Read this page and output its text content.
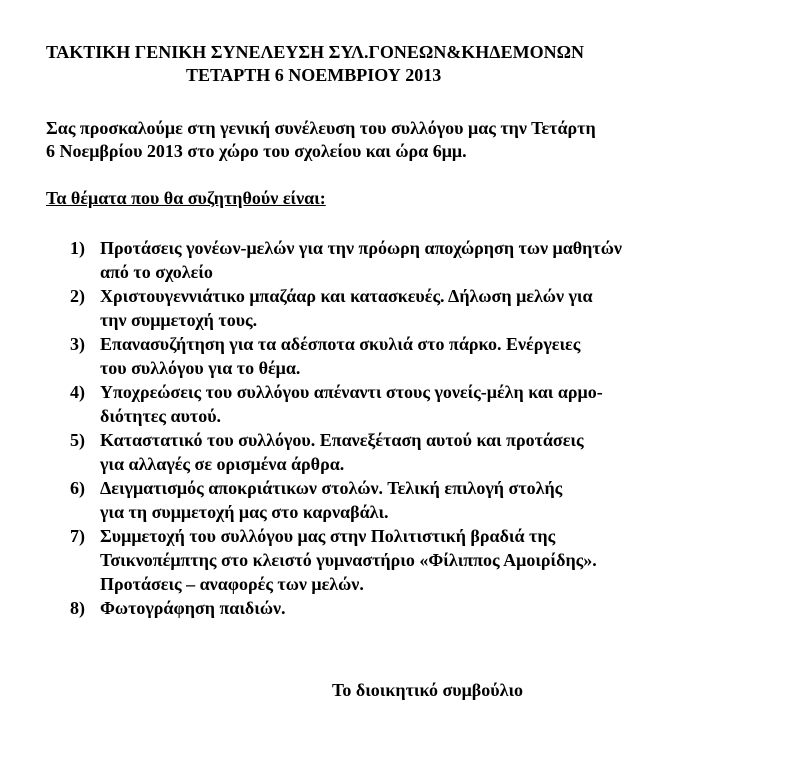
ΤΑΚΤΙΚΗ ΓΕΝΙΚΗ ΣΥΝΕΛΕΥΣΗ ΣΥΛ.ΓΟΝΕΩΝ&ΚΗΔΕΜΟΝΩΝ
ΤΕΤΑΡΤΗ 6 ΝΟΕΜΒΡΙΟΥ 2013
Σας προσκαλούμε στη γενική συνέλευση του συλλόγου μας την Τετάρτη
6 Νοεμβρίου 2013 στο χώρο του σχολείου και ώρα 6μμ.
Τα θέματα που θα συζητηθούν είναι:
1) Προτάσεις γονέων-μελών για την πρόωρη αποχώρηση των μαθητών
από το σχολείο
2) Χριστουγεννιάτικο μπαζάαρ και κατασκευές. Δήλωση μελών για
την συμμετοχή τους.
3) Επανασυζήτηση για τα αδέσποτα σκυλιά στο πάρκο. Ενέργειες
του συλλόγου για το θέμα.
4) Υποχρεώσεις του συλλόγου απέναντι στους γονείς-μέλη και αρμο-
διότητες αυτού.
5) Καταστατικό του συλλόγου. Επανεξέταση αυτού και προτάσεις
για αλλαγές σε ορισμένα άρθρα.
6) Δειγματισμός αποκριάτικων στολών. Τελική επιλογή στολής
για τη συμμετοχή μας στο καρναβάλι.
7) Συμμετοχή του συλλόγου μας στην Πολιτιστική βραδιά της
Τσικνοπέμπτης στο κλειστό γυμναστήριο «Φίλιππος Αμοιρίδης».
Προτάσεις – αναφορές των μελών.
8) Φωτογράφηση παιδιών.
Το διοικητικό συμβούλιο
